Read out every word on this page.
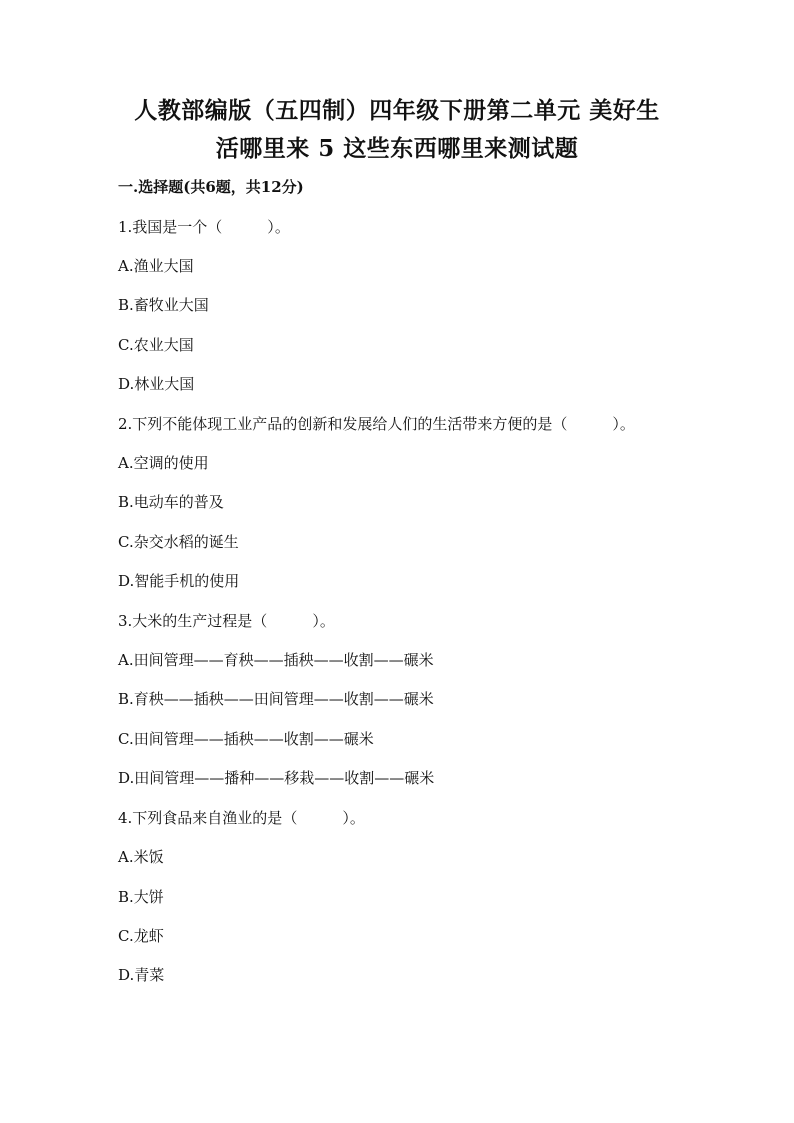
人教部编版（五四制）四年级下册第二单元 美好生
活哪里来 5 这些东西哪里来测试题
一.选择题(共6题，共12分)
1.我国是一个（　　　）。
A.渔业大国
B.畜牧业大国
C.农业大国
D.林业大国
2.下列不能体现工业产品的创新和发展给人们的生活带来方便的是（　　　）。
A.空调的使用
B.电动车的普及
C.杂交水稻的诞生
D.智能手机的使用
3.大米的生产过程是（　　　）。
A.田间管理——育秧——插秧——收割——碾米
B.育秧——插秧——田间管理——收割——碾米
C.田间管理——插秧——收割——碾米
D.田间管理——播种——移栽——收割——碾米
4.下列食品来自渔业的是（　　　）。
A.米饭
B.大饼
C.龙虾
D.青菜
